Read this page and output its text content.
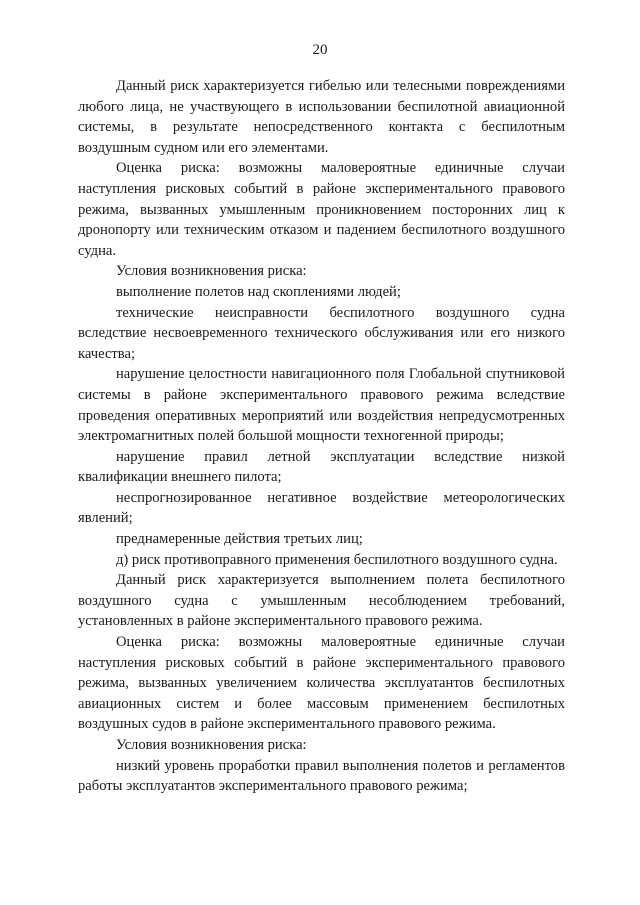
20

Данный риск характеризуется гибелью или телесными повреждениями любого лица, не участвующего в использовании беспилотной авиационной системы, в результате непосредственного контакта с беспилотным воздушным судном или его элементами.

Оценка риска: возможны маловероятные единичные случаи наступления рисковых событий в районе экспериментального правового режима, вызванных умышленным проникновением посторонних лиц к дронопорту или техническим отказом и падением беспилотного воздушного судна.

Условия возникновения риска:

выполнение полетов над скоплениями людей;

технические неисправности беспилотного воздушного судна вследствие несвоевременного технического обслуживания или его низкого качества;

нарушение целостности навигационного поля Глобальной спутниковой системы в районе экспериментального правового режима вследствие проведения оперативных мероприятий или воздействия непредусмотренных электромагнитных полей большой мощности техногенной природы;

нарушение правил летной эксплуатации вследствие низкой квалификации внешнего пилота;

неспрогнозированное негативное воздействие метеорологических явлений;

преднамеренные действия третьих лиц;

д) риск противоправного применения беспилотного воздушного судна.

Данный риск характеризуется выполнением полета беспилотного воздушного судна с умышленным несоблюдением требований, установленных в районе экспериментального правового режима.

Оценка риска: возможны маловероятные единичные случаи наступления рисковых событий в районе экспериментального правового режима, вызванных увеличением количества эксплуатантов беспилотных авиационных систем и более массовым применением беспилотных воздушных судов в районе экспериментального правового режима.

Условия возникновения риска:

низкий уровень проработки правил выполнения полетов и регламентов работы эксплуатантов экспериментального правового режима;
